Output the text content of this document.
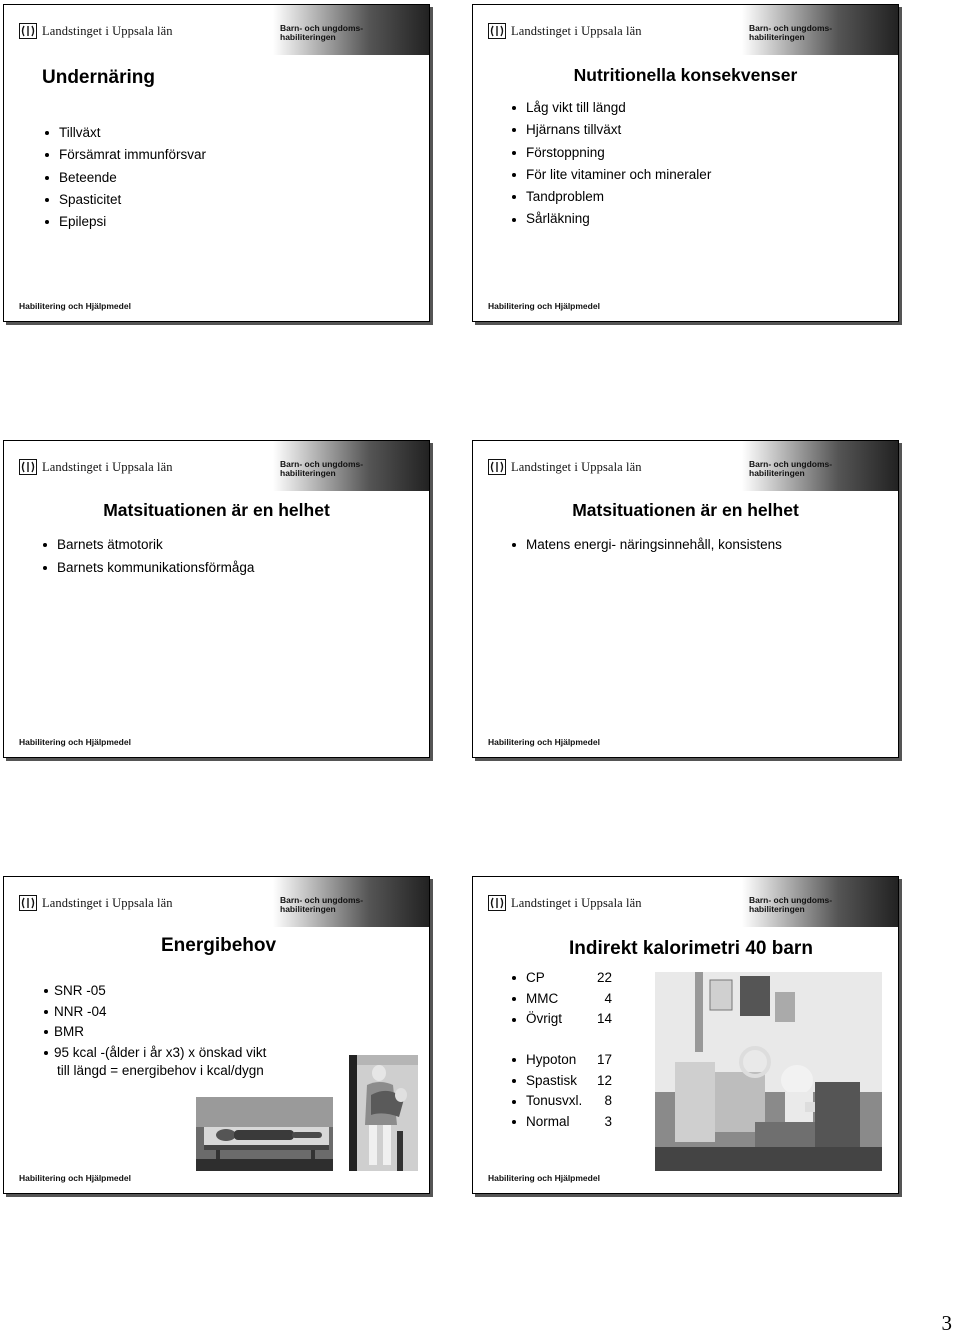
Landstinget i Uppsala län	Barn- och ungdoms-
habiliteringen
Undernäring
Tillväxt
Försämrat immunförsvar
Beteende
Spasticitet
Epilepsi
Habilitering och Hjälpmedel
Landstinget i Uppsala län	Barn- och ungdoms-
habiliteringen
Nutritionella konsekvenser
Låg vikt till längd
Hjärnans tillväxt
Förstoppning
För lite vitaminer och mineraler
Tandproblem
Sårläkning
Habilitering och Hjälpmedel
Landstinget i Uppsala län	Barn- och ungdoms-
habiliteringen
Matsituationen är en helhet
Barnets ätmotorik
Barnets kommunikationsförmåga
Habilitering och Hjälpmedel
Landstinget i Uppsala län	Barn- och ungdoms-
habiliteringen
Matsituationen är en helhet
Matens energi- näringsinnehåll, konsistens
Habilitering och Hjälpmedel
Landstinget i Uppsala län	Barn- och ungdoms-
habiliteringen
Energibehov
SNR -05
NNR -04
BMR
95 kcal -(ålder i år x3) x önskad vikt
till längd = energibehov i kcal/dygn
Habilitering och Hjälpmedel
Landstinget i Uppsala län	Barn- och ungdoms-
habiliteringen
Indirekt kalorimetri 40 barn
CP	22
MMC	4
Övrigt	14
Hypoton 17
Spastisk 12
Tonusvxl. 8
Normal	3
Habilitering och Hjälpmedel
3
